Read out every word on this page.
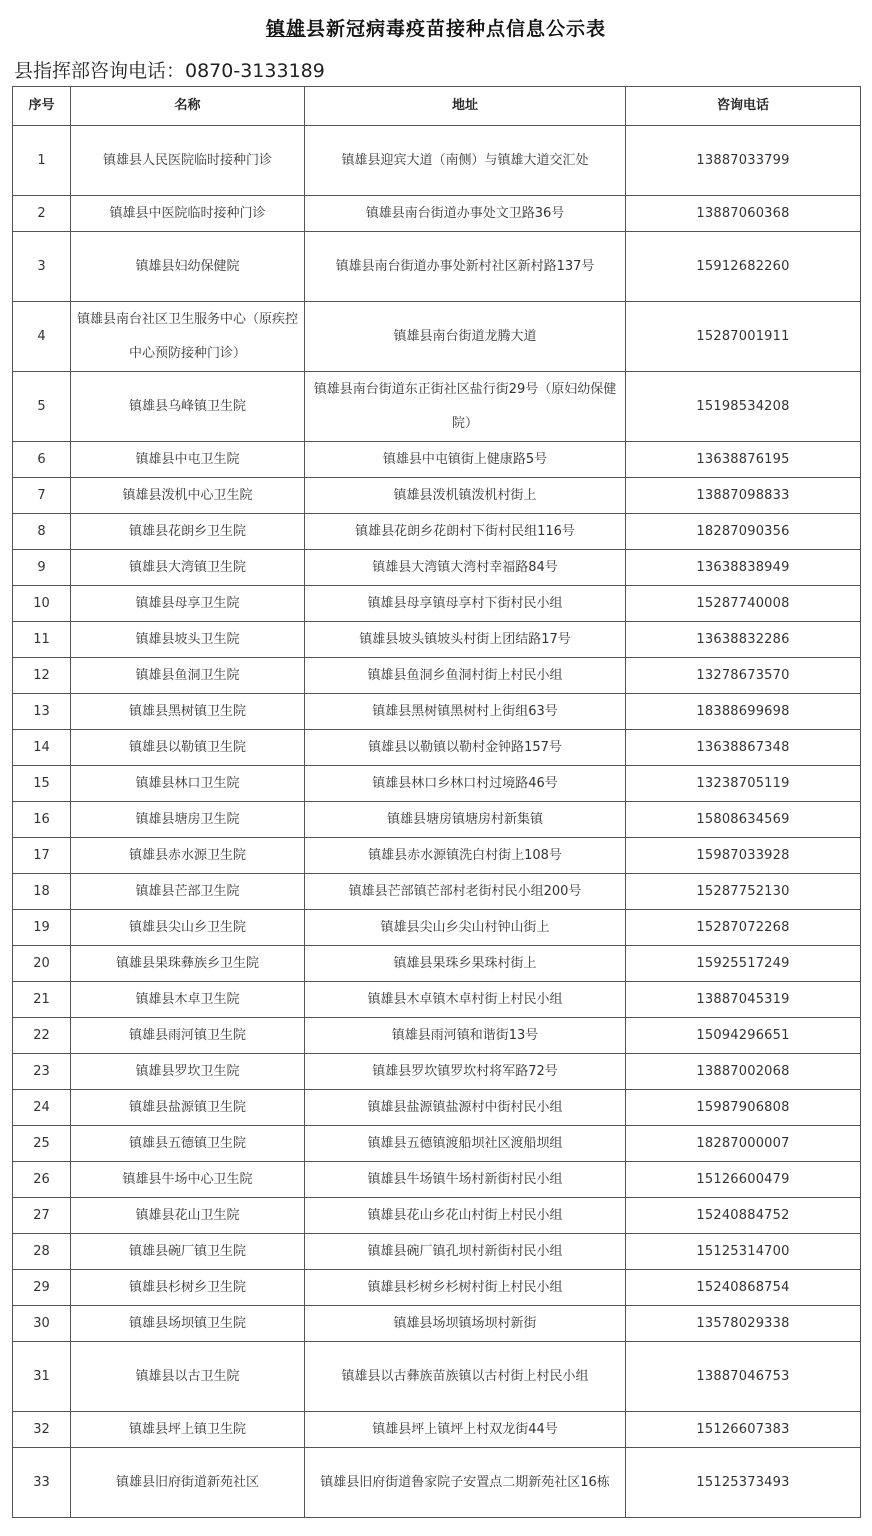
镇雄县新冠病毒疫苗接种点信息公示表
县指挥部咨询电话：0870-3133189
序号	名称	地址	咨询电话
1	镇雄县人民医院临时接种门诊	镇雄县迎宾大道（南侧）与镇雄大道交汇处	13887033799
2	镇雄县中医院临时接种门诊	镇雄县南台街道办事处文卫路36号	13887060368
3	镇雄县妇幼保健院	镇雄县南台街道办事处新村社区新村路137号	15912682260
4	镇雄县南台社区卫生服务中心（原疾控中心预防接种门诊）	镇雄县南台街道龙腾大道	15287001911
5	镇雄县乌峰镇卫生院	镇雄县南台街道东正街社区盐行街29号（原妇幼保健院）	15198534208
6	镇雄县中屯卫生院	镇雄县中屯镇街上健康路5号	13638876195
7	镇雄县泼机中心卫生院	镇雄县泼机镇泼机村街上	13887098833
8	镇雄县花朗乡卫生院	镇雄县花朗乡花朗村下街村民组116号	18287090356
9	镇雄县大湾镇卫生院	镇雄县大湾镇大湾村幸福路84号	13638838949
10	镇雄县母享卫生院	镇雄县母享镇母享村下街村民小组	15287740008
11	镇雄县坡头卫生院	镇雄县坡头镇坡头村街上团结路17号	13638832286
12	镇雄县鱼洞卫生院	镇雄县鱼洞乡鱼洞村街上村民小组	13278673570
13	镇雄县黑树镇卫生院	镇雄县黑树镇黑树村上街组63号	18388699698
14	镇雄县以勒镇卫生院	镇雄县以勒镇以勒村金钟路157号	13638867348
15	镇雄县林口卫生院	镇雄县林口乡林口村过境路46号	13238705119
16	镇雄县塘房卫生院	镇雄县塘房镇塘房村新集镇	15808634569
17	镇雄县赤水源卫生院	镇雄县赤水源镇洗白村街上108号	15987033928
18	镇雄县芒部卫生院	镇雄县芒部镇芒部村老街村民小组200号	15287752130
19	镇雄县尖山乡卫生院	镇雄县尖山乡尖山村钟山街上	15287072268
20	镇雄县果珠彝族乡卫生院	镇雄县果珠乡果珠村街上	15925517249
21	镇雄县木卓卫生院	镇雄县木卓镇木卓村街上村民小组	13887045319
22	镇雄县雨河镇卫生院	镇雄县雨河镇和谐街13号	15094296651
23	镇雄县罗坎卫生院	镇雄县罗坎镇罗坎村将军路72号	13887002068
24	镇雄县盐源镇卫生院	镇雄县盐源镇盐源村中街村民小组	15987906808
25	镇雄县五德镇卫生院	镇雄县五德镇渡船坝社区渡船坝组	18287000007
26	镇雄县牛场中心卫生院	镇雄县牛场镇牛场村新街村民小组	15126600479
27	镇雄县花山卫生院	镇雄县花山乡花山村街上村民小组	15240884752
28	镇雄县碗厂镇卫生院	镇雄县碗厂镇孔坝村新街村民小组	15125314700
29	镇雄县杉树乡卫生院	镇雄县杉树乡杉树村街上村民小组	15240868754
30	镇雄县场坝镇卫生院	镇雄县场坝镇场坝村新街	13578029338
31	镇雄县以古卫生院	镇雄县以古彝族苗族镇以古村街上村民小组	13887046753
32	镇雄县坪上镇卫生院	镇雄县坪上镇坪上村双龙街44号	15126607383
33	镇雄县旧府街道新苑社区	镇雄县旧府街道鲁家院子安置点二期新苑社区16栋	15125373493
